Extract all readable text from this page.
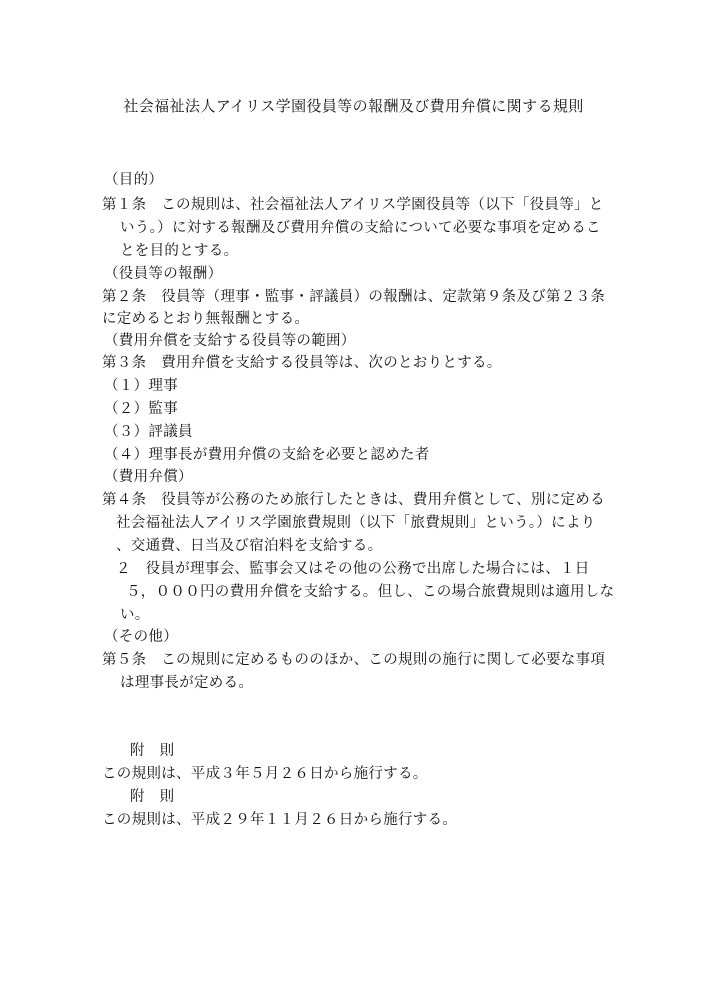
社会福祉法人アイリス学園役員等の報酬及び費用弁償に関する規則
（目的）
第１条　この規則は、社会福祉法人アイリス学園役員等（以下「役員等」と
いう。）に対する報酬及び費用弁償の支給について必要な事項を定めるこ
とを目的とする。
（役員等の報酬）
第２条　役員等（理事・監事・評議員）の報酬は、定款第９条及び第２３条
に定めるとおり無報酬とする。
（費用弁償を支給する役員等の範囲）
第３条　費用弁償を支給する役員等は、次のとおりとする。
（１）理事
（２）監事
（３）評議員
（４）理事長が費用弁償の支給を必要と認めた者
（費用弁償）
第４条　役員等が公務のため旅行したときは、費用弁償として、別に定める
社会福祉法人アイリス学園旅費規則（以下「旅費規則」という。）により
、交通費、日当及び宿泊料を支給する。
２　役員が理事会、監事会又はその他の公務で出席した場合には、１日
５，０００円の費用弁償を支給する。但し、この場合旅費規則は適用しな
い。
（その他）
第５条　この規則に定めるもののほか、この規則の施行に関して必要な事項
は理事長が定める。
附　則
この規則は、平成３年５月２６日から施行する。
附　則
この規則は、平成２９年１１月２６日から施行する。
